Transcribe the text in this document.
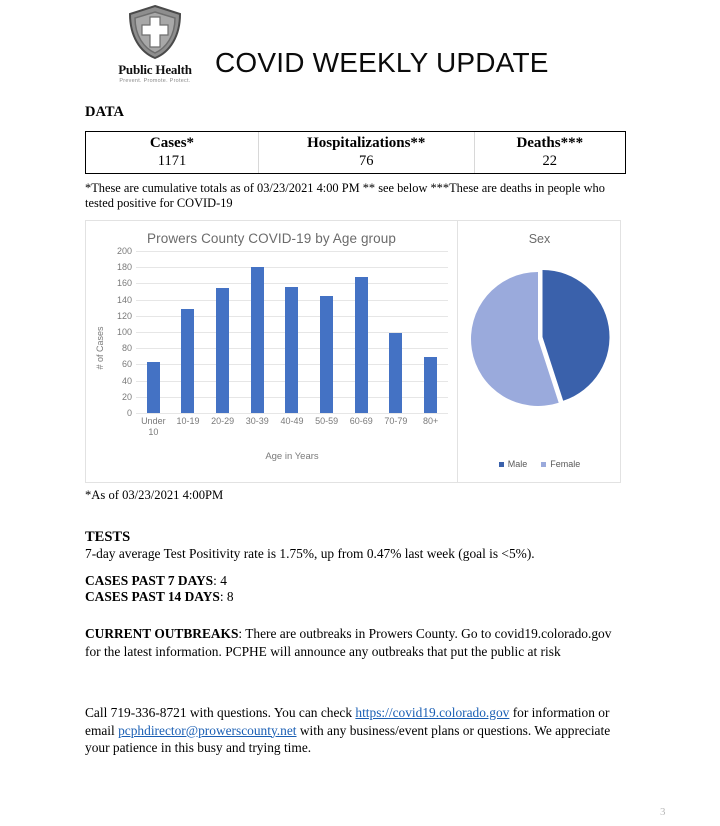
Public Health
Prevent. Promote. Protect.
COVID WEEKLY UPDATE
DATA
Cases*	Hospitalizations**	Deaths***
1171	76	22
*These are cumulative totals as of 03/23/2021 4:00 PM ** see below ***These are deaths in people who tested positive for COVID-19
Prowers County COVID-19 by Age group
# of Cases
0
20
40
60
80
100
120
140
160
180
200
Under 10
10-19	20-29	30-39	40-49	50-59	60-69	70-79	80+
Age in Years
Sex
Male	Female
*As of 03/23/2021 4:00PM
TESTS
7-day average Test Positivity rate is 1.75%, up from 0.47% last week (goal is <5%).
CASES PAST 7 DAYS: 4
CASES PAST 14 DAYS: 8
CURRENT OUTBREAKS: There are outbreaks in Prowers County. Go to covid19.colorado.gov for the latest information. PCPHE will announce any outbreaks that put the public at risk
Call 719-336-8721 with questions. You can check https://covid19.colorado.gov for information or email pcphdirector@prowerscounty.net with any business/event plans or questions. We appreciate your patience in this busy and trying time.
3
